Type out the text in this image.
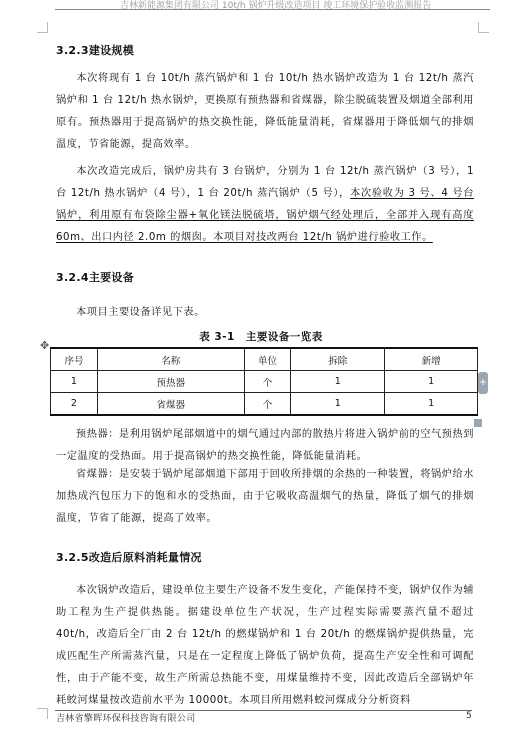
吉林新能源集团有限公司 10t/h 锅炉升级改造项目 竣工环境保护验收监测报告
3.2.3建设规模

本次将现有 1 台 10t/h 蒸汽锅炉和 1 台 10t/h 热水锅炉改造为 1 台 12t/h 蒸汽锅炉和 1 台 12t/h 热水锅炉，更换原有预热器和省煤器，除尘脱硫装置及烟道全部利用原有。预热器用于提高锅炉的热交换性能，降低能量消耗，省煤器用于降低烟气的排烟温度，节省能源，提高效率。

本次改造完成后，锅炉房共有 3 台锅炉，分别为 1 台 12t/h 蒸汽锅炉（3 号），1 台 12t/h 热水锅炉（4 号），1 台 20t/h 蒸汽锅炉（5 号），本次验收为 3 号、4 号台锅炉，利用原有布袋除尘器+氧化镁法脱硫塔，锅炉烟气经处理后，全部并入现有高度 60m、出口内径 2.0m 的烟囱。本项目对技改两台 12t/h 锅炉进行验收工作。

3.2.4主要设备

本项目主要设备详见下表。

表 3-1　主要设备一览表
✥
序号	名称	单位	拆除	新增
1	预热器	个	1	1
2	省煤器	个	1	1
+

预热器：是利用锅炉尾部烟道中的烟气通过内部的散热片将进入锅炉前的空气预热到一定温度的受热面。用于提高锅炉的热交换性能，降低能量消耗。

省煤器：是安装于锅炉尾部烟道下部用于回收所排烟的余热的一种装置，将锅炉给水加热成汽包压力下的饱和水的受热面，由于它吸收高温烟气的热量，降低了烟气的排烟温度，节省了能源，提高了效率。

3.2.5改造后原料消耗量情况

本次锅炉改造后，建设单位主要生产设备不发生变化，产能保持不变，锅炉仅作为辅助工程为生产提供热能。据建设单位生产状况，生产过程实际需要蒸汽量不超过 40t/h，改造后全厂由 2 台 12t/h 的燃煤锅炉和 1 台 20t/h 的燃煤锅炉提供热量，完成匹配生产所需蒸汽量，只是在一定程度上降低了锅炉负荷，提高生产安全性和可调配性，由于产能不变，故生产所需总热能不变，用煤量维持不变，因此改造后全部锅炉年耗蛟河煤量按改造前水平为 10000t。本项目所用燃料蛟河煤成分分析资料

吉林省擎晖环保科技咨询有限公司	5
